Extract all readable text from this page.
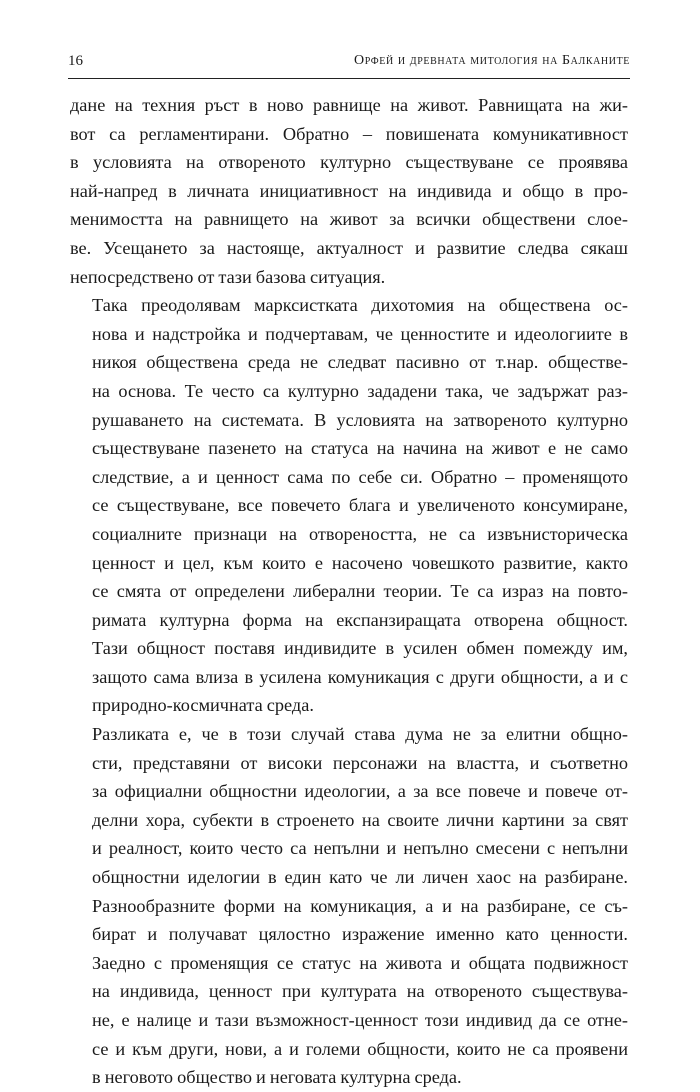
16	Орфей и древната митология на Балканите

дане на техния ръст в ново равнище на живот. Равнищата на жи-
вот са регламентирани. Обратно – повишената комуникативност
в условията на отвореното културно съществуване се проявява
най-напред в личната инициативност на индивида и общо в про-
менимостта на равнището на живот за всички обществени слое-
ве. Усещането за настояще, актуалност и развитие следва сякаш
непосредствено от тази базова ситуация.

Така преодолявам марксистката дихотомия на обществена ос-
нова и надстройка и подчертавам, че ценностите и идеологиите в
никоя обществена среда не следват пасивно от т.нар. обществе-
на основа. Те често са културно зададени така, че задържат раз-
рушаването на системата. В условията на затвореното културно
съществуване пазенето на статуса на начина на живот е не само
следствие, а и ценност сама по себе си. Обратно – променящото
се съществуване, все повечето блага и увеличеното консумиране,
социалните признаци на отвореността, не са извънисторическа
ценност и цел, към които е насочено човешкото развитие, както
се смята от определени либерални теории. Те са израз на повто-
римата културна форма на експанзиращата отворена общност.
Тази общност поставя индивидите в усилен обмен помежду им,
защото сама влиза в усилена комуникация с други общности, а и с
природно-космичната среда.

Разликата е, че в този случай става дума не за елитни общно-
сти, представяни от високи персонажи на властта, и съответно
за официални общностни идеологии, а за все повече и повече от-
делни хора, субекти в строенето на своите лични картини за свят
и реалност, които често са непълни и непълно смесени с непълни
общностни иделогии в един като че ли личен хаос на разбиране.
Разнообразните форми на комуникация, а и на разбиране, се съ-
бират и получават цялостно изражение именно като ценности.
Заедно с променящия се статус на живота и общата подвижност
на индивида, ценност при културата на отвореното съществува-
не, е налице и тази възможност-ценност този индивид да се отне-
се и към други, нови, а и големи общности, които не са проявени
в неговото общество и неговата културна среда.
